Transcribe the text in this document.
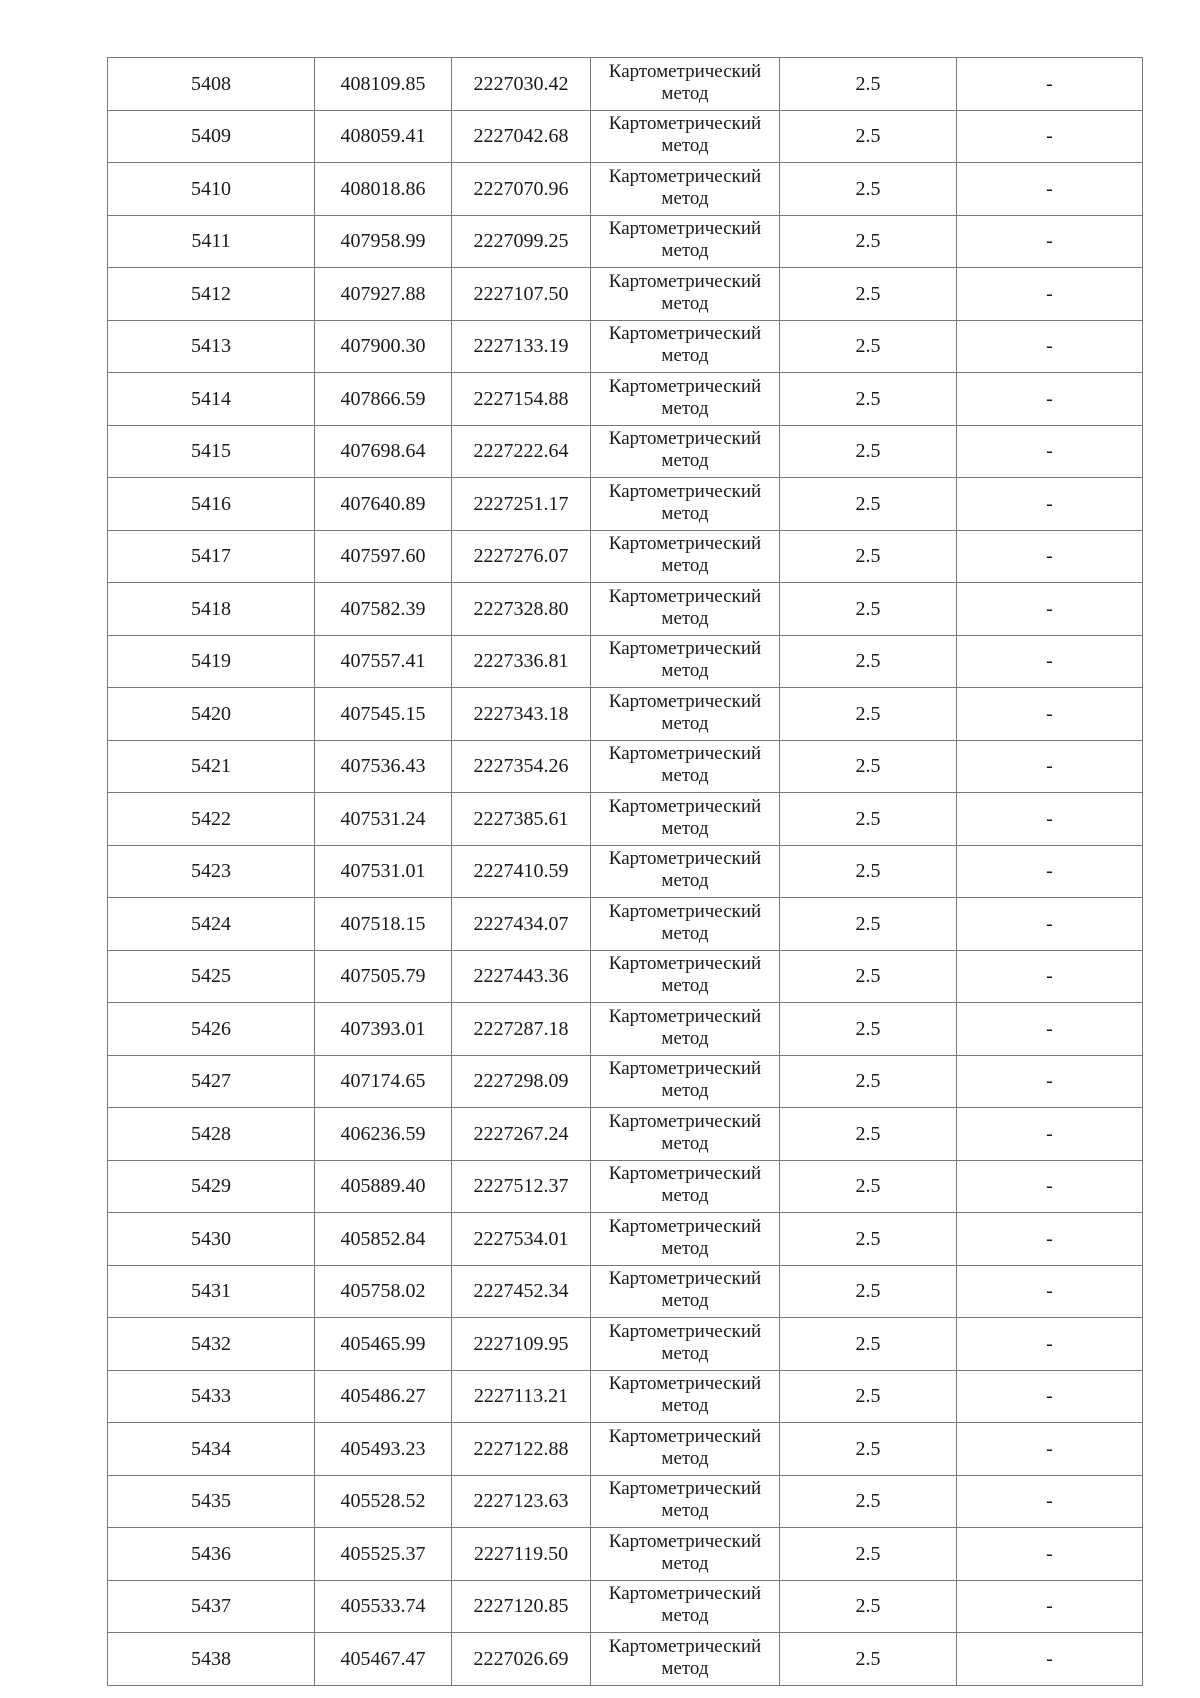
5408	408109.85	2227030.42	Картометрический
метод	2.5	-
5409	408059.41	2227042.68	Картометрический
метод	2.5	-
5410	408018.86	2227070.96	Картометрический
метод	2.5	-
5411	407958.99	2227099.25	Картометрический
метод	2.5	-
5412	407927.88	2227107.50	Картометрический
метод	2.5	-
5413	407900.30	2227133.19	Картометрический
метод	2.5	-
5414	407866.59	2227154.88	Картометрический
метод	2.5	-
5415	407698.64	2227222.64	Картометрический
метод	2.5	-
5416	407640.89	2227251.17	Картометрический
метод	2.5	-
5417	407597.60	2227276.07	Картометрический
метод	2.5	-
5418	407582.39	2227328.80	Картометрический
метод	2.5	-
5419	407557.41	2227336.81	Картометрический
метод	2.5	-
5420	407545.15	2227343.18	Картометрический
метод	2.5	-
5421	407536.43	2227354.26	Картометрический
метод	2.5	-
5422	407531.24	2227385.61	Картометрический
метод	2.5	-
5423	407531.01	2227410.59	Картометрический
метод	2.5	-
5424	407518.15	2227434.07	Картометрический
метод	2.5	-
5425	407505.79	2227443.36	Картометрический
метод	2.5	-
5426	407393.01	2227287.18	Картометрический
метод	2.5	-
5427	407174.65	2227298.09	Картометрический
метод	2.5	-
5428	406236.59	2227267.24	Картометрический
метод	2.5	-
5429	405889.40	2227512.37	Картометрический
метод	2.5	-
5430	405852.84	2227534.01	Картометрический
метод	2.5	-
5431	405758.02	2227452.34	Картометрический
метод	2.5	-
5432	405465.99	2227109.95	Картометрический
метод	2.5	-
5433	405486.27	2227113.21	Картометрический
метод	2.5	-
5434	405493.23	2227122.88	Картометрический
метод	2.5	-
5435	405528.52	2227123.63	Картометрический
метод	2.5	-
5436	405525.37	2227119.50	Картометрический
метод	2.5	-
5437	405533.74	2227120.85	Картометрический
метод	2.5	-
5438	405467.47	2227026.69	Картометрический
метод	2.5	-
